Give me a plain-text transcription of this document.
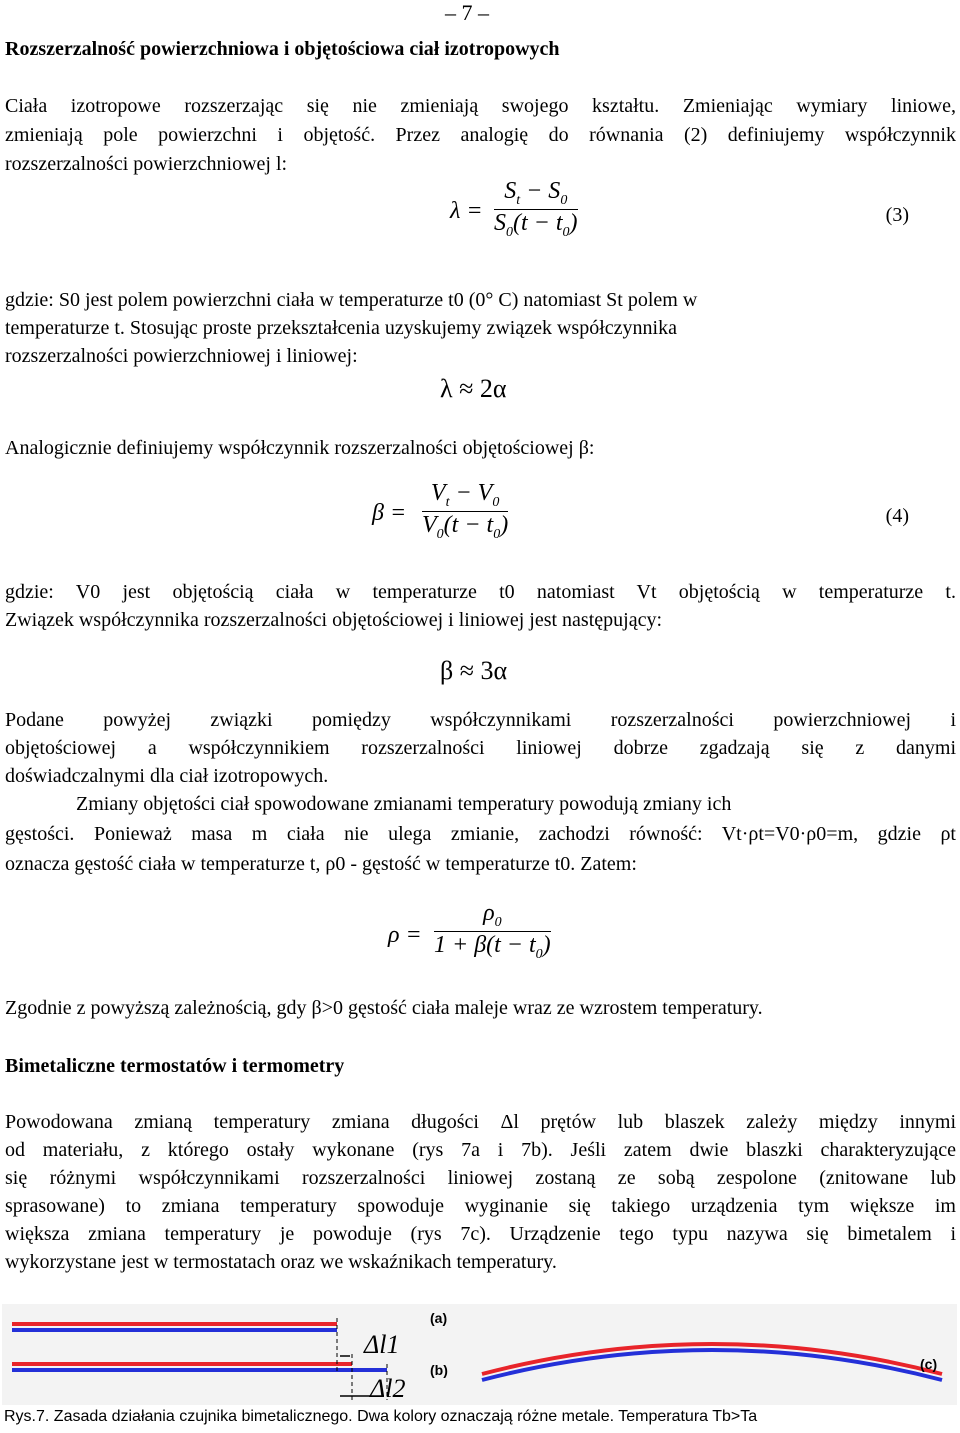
– 7 –
Rozszerzalność powierzchniowa i objętościowa ciał izotropowych
Ciała izotropowe rozszerzając się nie zmieniają swojego kształtu. Zmieniając wymiary liniowe,
zmieniają pole powierzchni i objętość. Przez analogię do równania (2) definiujemy współczynnik
rozszerzalności powierzchniowej l:
λ =
$S_t - S_0$
$S_0(t - t_0)$	(3)
gdzie: S0 jest polem powierzchni ciała w temperaturze t0 (0° C) natomiast St polem w
temperaturze t. Stosując proste przekształcenia uzyskujemy związek współczynnika
rozszerzalności powierzchniowej i liniowej:
λ ≈ 2α
Analogicznie definiujemy współczynnik rozszerzalności objętościowej β:
β =
$V_t - V_0$
$V_0(t - t_0)$	(4)
gdzie: V0 jest objętością ciała w temperaturze t0 natomiast Vt objętością w temperaturze t.
Związek współczynnika rozszerzalności objętościowej i liniowej jest następujący:
β ≈ 3α
Podane powyżej związki pomiędzy współczynnikami rozszerzalności powierzchniowej i
objętościowej a współczynnikiem rozszerzalności liniowej dobrze zgadzają się z danymi
doświadczalnymi dla ciał izotropowych.
Zmiany objętości ciał spowodowane zmianami temperatury powodują zmiany ich
gęstości. Ponieważ masa m ciała nie ulega zmianie, zachodzi równość: Vt·ρt=V0·ρ0=m, gdzie ρt
oznacza gęstość ciała w temperaturze t, ρ0 - gęstość w temperaturze t0. Zatem:
ρ =
$\rho_0$
$1 + \beta(t - t_0)$
Zgodnie z powyższą zależnością, gdy β>0 gęstość ciała maleje wraz ze wzrostem temperatury.
Bimetaliczne termostatów i termometry
Powodowana zmianą temperatury zmiana długości Δl prętów lub blaszek zależy między innymi
od materiału, z którego ostały wykonane (rys 7a i 7b). Jeśli zatem dwie blaszki charakteryzujące
się różnymi współczynnikami rozszerzalności liniowej zostaną ze sobą zespolone (znitowane lub
sprasowane) to zmiana temperatury spowoduje wyginanie się takiego urządzenia tym większe im
większa zmiana temperatury je powoduje (rys 7c). Urządzenie tego typu nazywa się bimetalem i
wykorzystane jest w termostatach oraz we wskaźnikach temperatury.
(a)
(b)	(c)
Δl1
Δl2
Rys.7. Zasada działania czujnika bimetalicznego. Dwa kolory oznaczają różne metale. Temperatura Tb>Ta
